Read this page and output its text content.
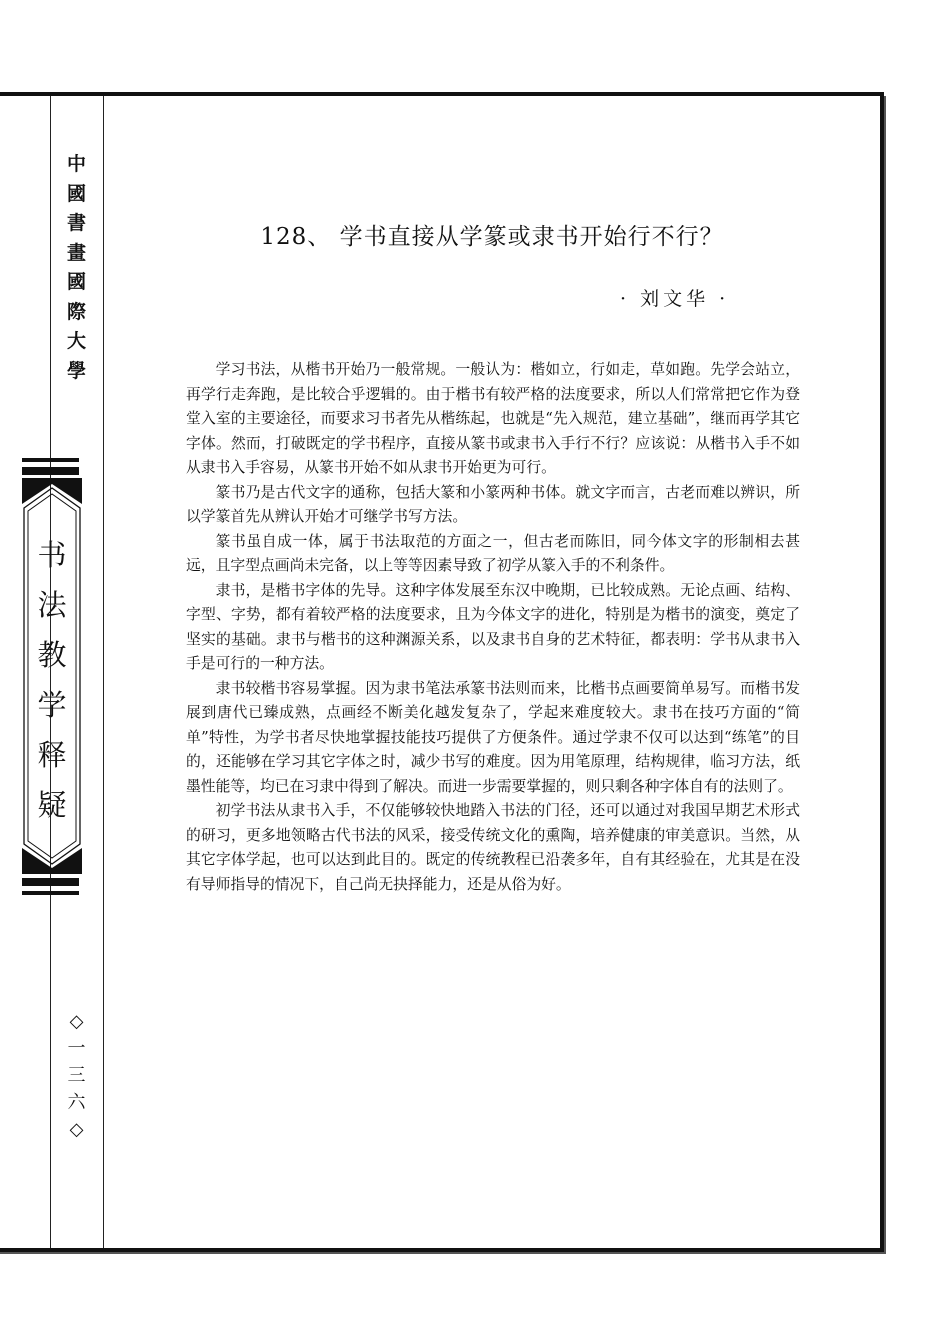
中
國
書
畫
國
際
大
學
书
法
教
学
释
疑
◇
一
三
六
◇
128、 学书直接从学篆或隶书开始行不行？
· 刘文华 ·

学习书法，从楷书开始乃一般常规。一般认为：楷如立，行如走，草如跑。先学会站立，再学行走奔跑，是比较合乎逻辑的。由于楷书有较严格的法度要求，所以人们常常把它作为登堂入室的主要途径，而要求习书者先从楷练起，也就是“先入规范，建立基础”，继而再学其它字体。然而，打破既定的学书程序，直接从篆书或隶书入手行不行？应该说：从楷书入手不如从隶书入手容易，从篆书开始不如从隶书开始更为可行。

篆书乃是古代文字的通称，包括大篆和小篆两种书体。就文字而言，古老而难以辨识，所以学篆首先从辨认开始才可继学书写方法。

篆书虽自成一体，属于书法取范的方面之一，但古老而陈旧，同今体文字的形制相去甚远，且字型点画尚未完备，以上等等因素导致了初学从篆入手的不利条件。

隶书，是楷书字体的先导。这种字体发展至东汉中晚期，已比较成熟。无论点画、结构、字型、字势，都有着较严格的法度要求，且为今体文字的进化，特别是为楷书的演变，奠定了坚实的基础。隶书与楷书的这种渊源关系，以及隶书自身的艺术特征，都表明：学书从隶书入手是可行的一种方法。

隶书较楷书容易掌握。因为隶书笔法承篆书法则而来，比楷书点画要简单易写。而楷书发展到唐代已臻成熟，点画经不断美化越发复杂了，学起来难度较大。隶书在技巧方面的“简单”特性，为学书者尽快地掌握技能技巧提供了方便条件。通过学隶不仅可以达到“练笔”的目的，还能够在学习其它字体之时，减少书写的难度。因为用笔原理，结构规律，临习方法，纸墨性能等，均已在习隶中得到了解决。而进一步需要掌握的，则只剩各种字体自有的法则了。

初学书法从隶书入手，不仅能够较快地踏入书法的门径，还可以通过对我国早期艺术形式的研习，更多地领略古代书法的风采，接受传统文化的熏陶，培养健康的审美意识。当然，从其它字体学起，也可以达到此目的。既定的传统教程已沿袭多年，自有其经验在，尤其是在没有导师指导的情况下，自己尚无抉择能力，还是从俗为好。
